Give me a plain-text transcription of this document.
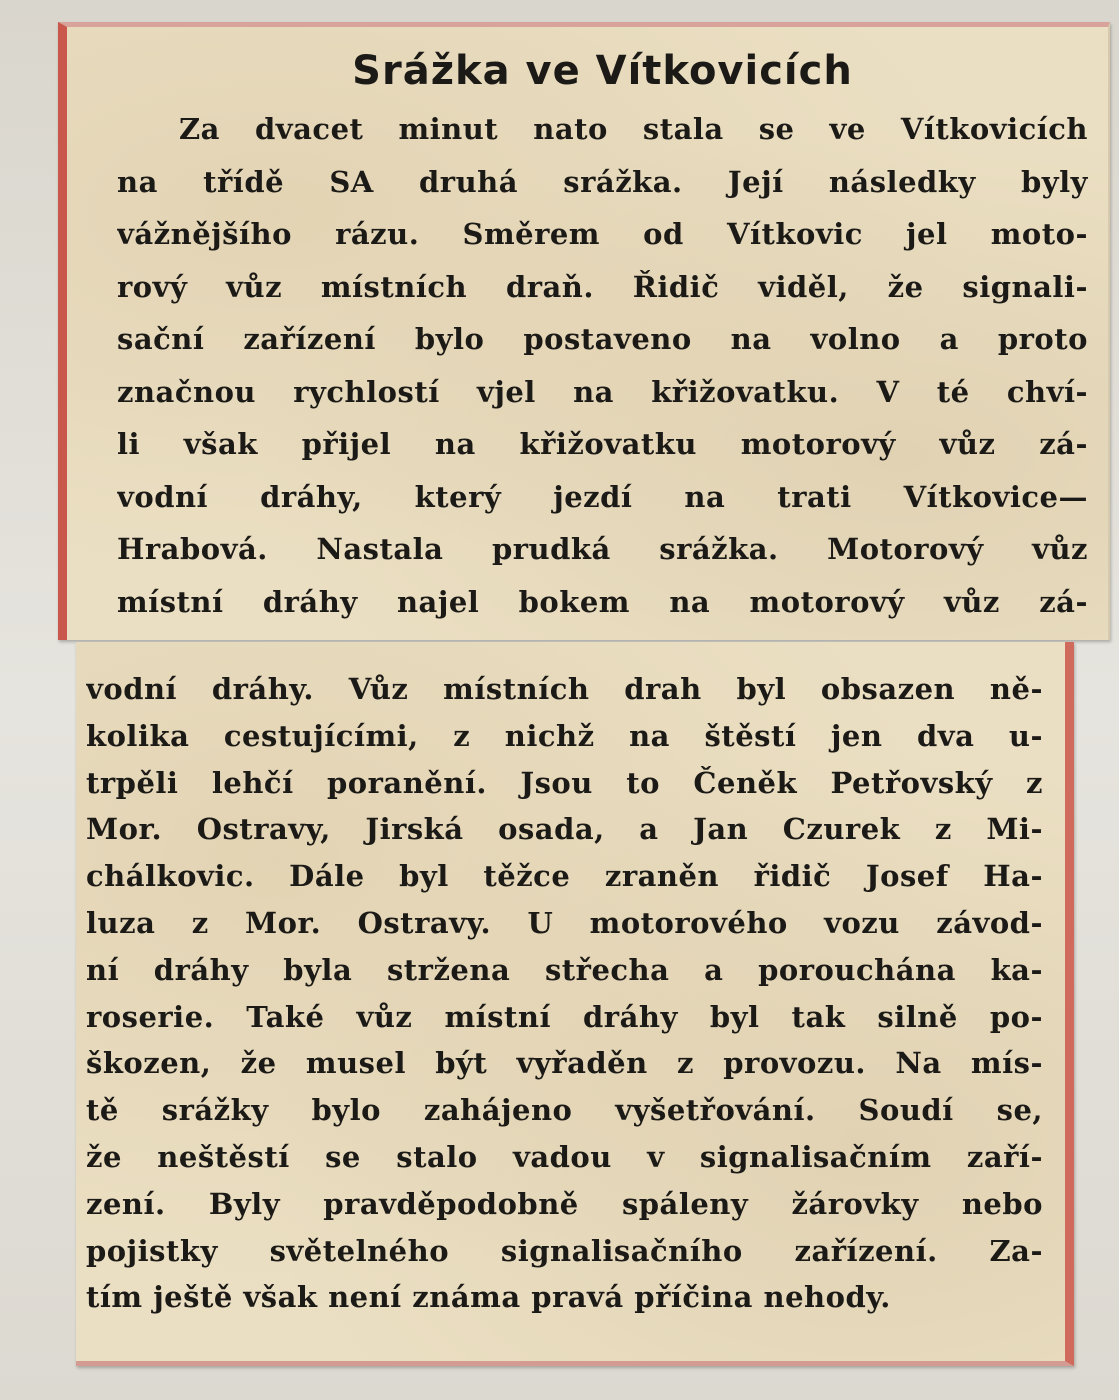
Srážka ve Vítkovicích
Za dvacet minut nato stala se ve Vítkovicích
na třídě SA druhá srážka. Její následky byly
vážnějšího rázu. Směrem od Vítkovic jel moto-
rový vůz místních draň. Řidič viděl, že signali-
sační zařízení bylo postaveno na volno a proto
značnou rychlostí vjel na křižovatku. V té chví-
li však přijel na křižovatku motorový vůz zá-
vodní dráhy, který jezdí na trati Vítkovice—
Hrabová. Nastala prudká srážka. Motorový vůz
místní dráhy najel bokem na motorový vůz zá-
vodní dráhy. Vůz místních drah byl obsazen ně-
kolika cestujícími, z nichž na štěstí jen dva u-
trpěli lehčí poranění. Jsou to Čeněk Petřovský z
Mor. Ostravy, Jirská osada, a Jan Czurek z Mi-
chálkovic. Dále byl těžce zraněn řidič Josef Ha-
luza z Mor. Ostravy. U motorového vozu závod-
ní dráhy byla stržena střecha a porouchána ka-
roserie. Také vůz místní dráhy byl tak silně po-
škozen, že musel být vyřaděn z provozu. Na mís-
tě srážky bylo zahájeno vyšetřování. Soudí se,
že neštěstí se stalo vadou v signalisačním zaří-
zení. Byly pravděpodobně spáleny žárovky nebo
pojistky světelného signalisačního zařízení. Za-
tím ještě však není známa pravá příčina nehody.
